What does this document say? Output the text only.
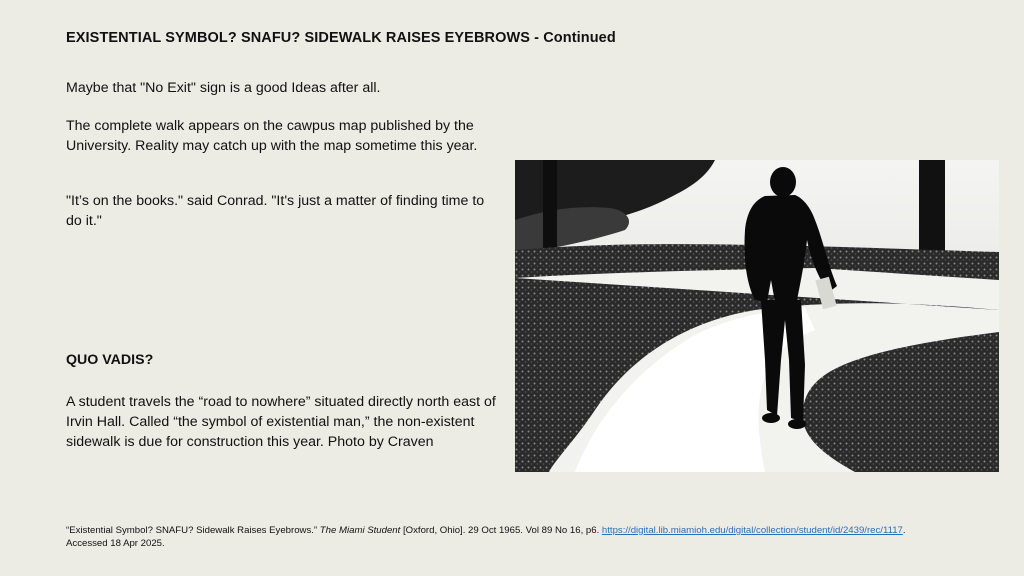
EXISTENTIAL SYMBOL? SNAFU? SIDEWALK RAISES EYEBROWS - Continued

Maybe that "No Exit" sign is a good Ideas after all.

The complete walk appears on the cawpus map published by the University. Reality may catch up with the map sometime this year.

"It’s on the books." said Conrad. "It's just a matter of finding time to do it."

QUO VADIS?

A student travels the “road to nowhere” situated directly north east of Irvin Hall. Called “the symbol of existential man,” the non-existent sidewalk is due for construction this year. Photo by Craven

“Existential Symbol? SNAFU? Sidewalk Raises Eyebrows.” The Miami Student [Oxford, Ohio]. 29 Oct 1965. Vol 89 No 16, p6. https://digital.lib.miamioh.edu/digital/collection/student/id/2439/rec/1117. Accessed 18 Apr 2025.
